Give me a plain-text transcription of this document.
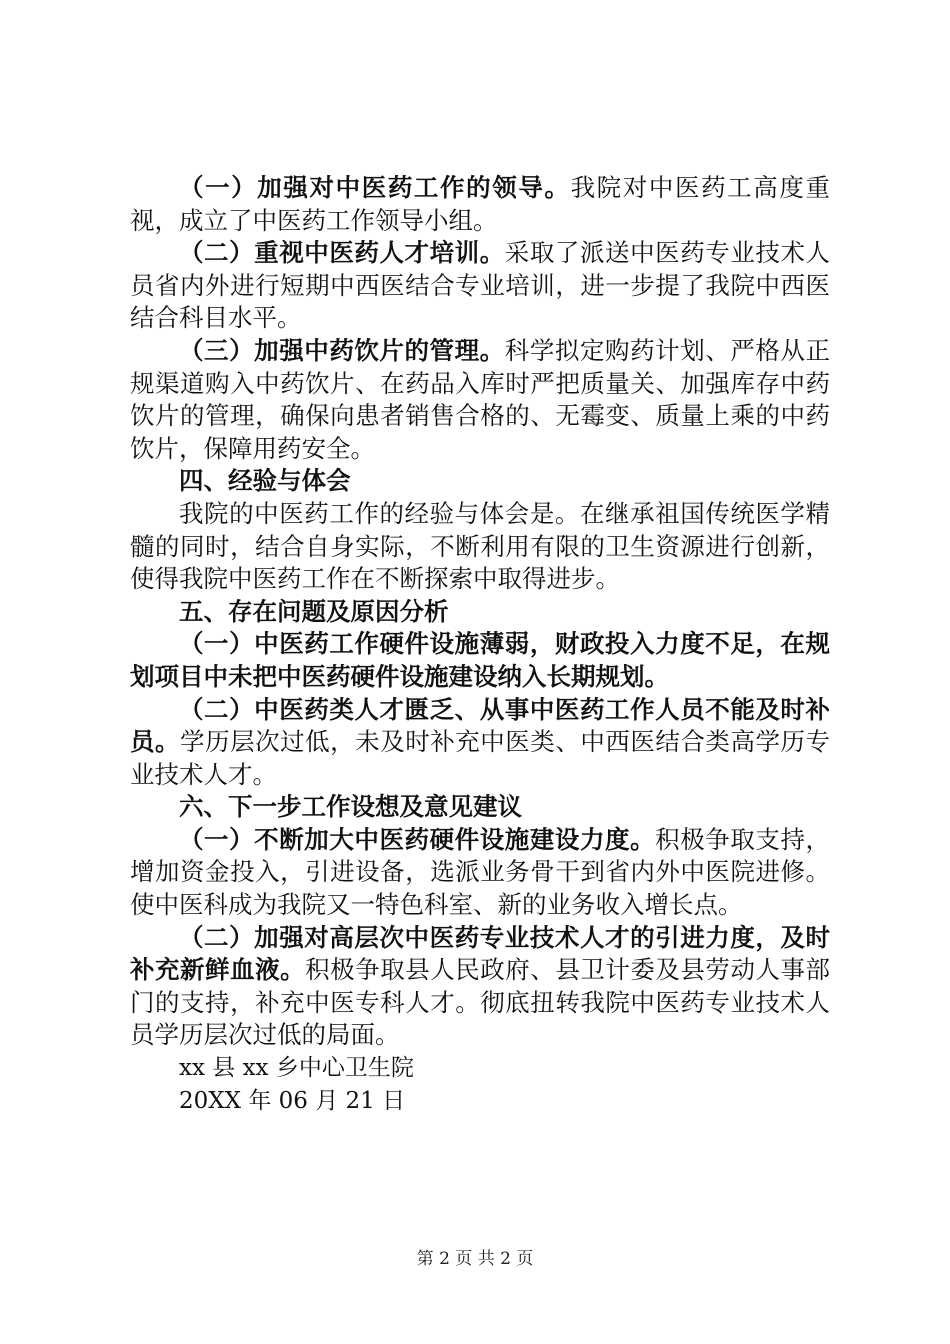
（一）加强对中医药工作的领导。我院对中医药工高度重视，成立了中医药工作领导小组。

（二）重视中医药人才培训。采取了派送中医药专业技术人员省内外进行短期中西医结合专业培训，进一步提了我院中西医结合科目水平。

（三）加强中药饮片的管理。科学拟定购药计划、严格从正规渠道购入中药饮片、在药品入库时严把质量关、加强库存中药饮片的管理，确保向患者销售合格的、无霉变、质量上乘的中药饮片，保障用药安全。

四、经验与体会

我院的中医药工作的经验与体会是。在继承祖国传统医学精髓的同时，结合自身实际，不断利用有限的卫生资源进行创新，使得我院中医药工作在不断探索中取得进步。

五、存在问题及原因分析

（一）中医药工作硬件设施薄弱，财政投入力度不足，在规划项目中未把中医药硬件设施建设纳入长期规划。

（二）中医药类人才匮乏、从事中医药工作人员不能及时补员。学历层次过低，未及时补充中医类、中西医结合类高学历专业技术人才。

六、下一步工作设想及意见建议

（一）不断加大中医药硬件设施建设力度。积极争取支持，增加资金投入，引进设备，选派业务骨干到省内外中医院进修。使中医科成为我院又一特色科室、新的业务收入增长点。

（二）加强对高层次中医药专业技术人才的引进力度，及时补充新鲜血液。积极争取县人民政府、县卫计委及县劳动人事部门的支持，补充中医专科人才。彻底扭转我院中医药专业技术人员学历层次过低的局面。

xx 县 xx 乡中心卫生院

20XX 年 06 月 21 日

第 2 页 共 2 页
